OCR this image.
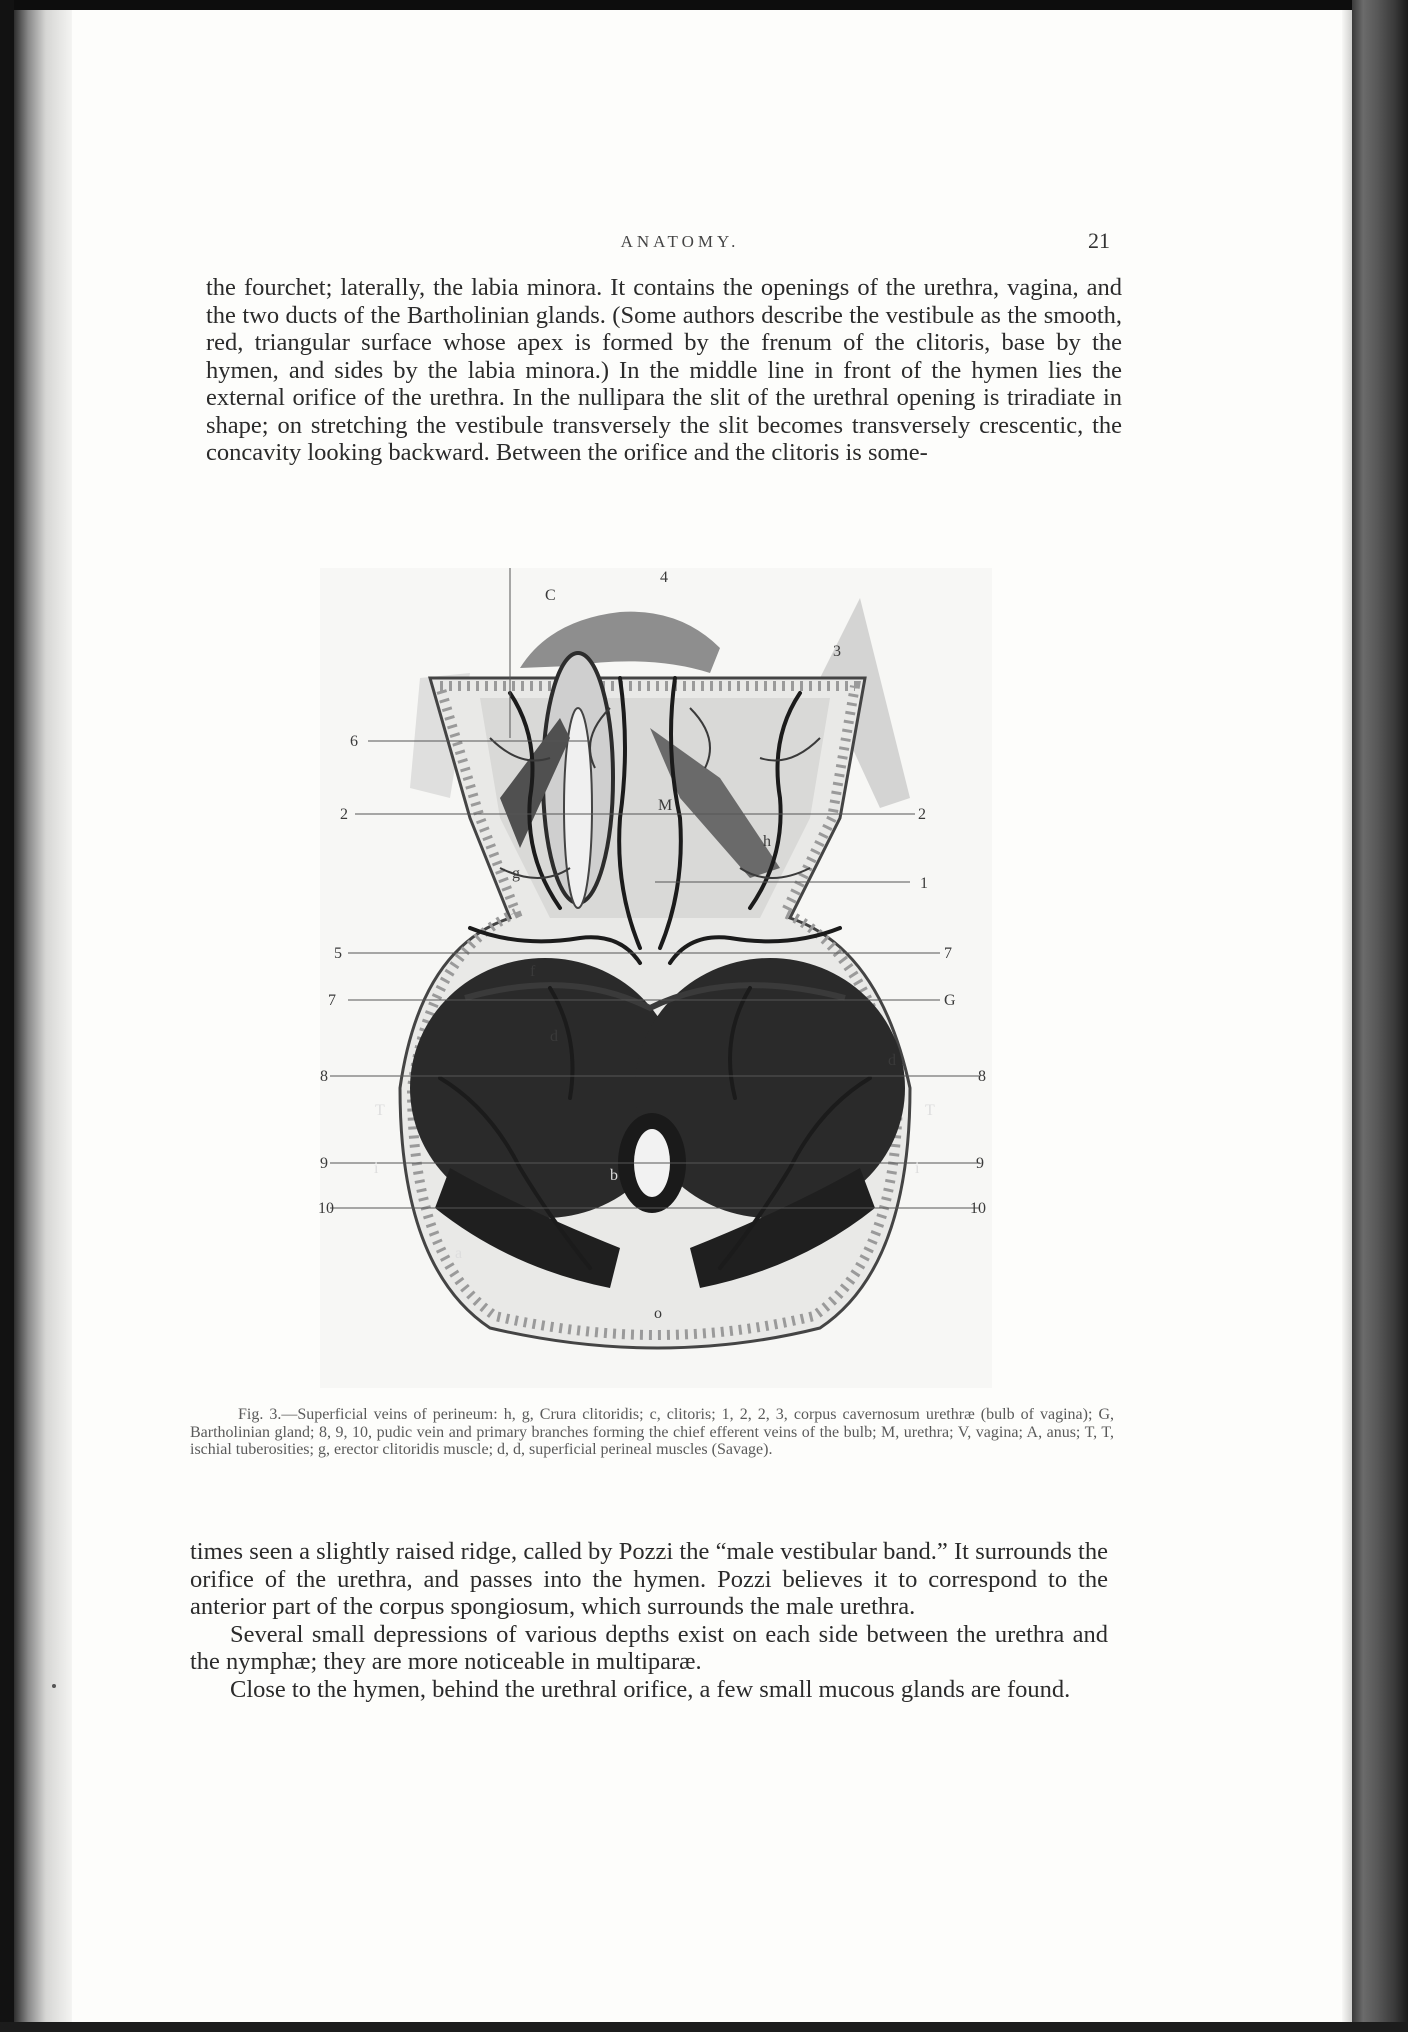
ANATOMY.	21

the fourchet; laterally, the labia minora. It contains the openings of the urethra, vagina, and the two ducts of the Bartholinian glands. (Some authors describe the vestibule as the smooth, red, triangular surface whose apex is formed by the frenum of the clitoris, base by the hymen, and sides by the labia minora.) In the middle line in front of the hymen lies the external orifice of the urethra. In the nullipara the slit of the urethral opening is triradiate in shape; on stretching the vestibule transversely the slit becomes transversely crescentic, the concavity looking backward. Between the orifice and the clitoris is some-

C
4
3
6
2	2
M
h
1
g
5	7
7	G
f
d
d
8	8
T	T
9	9
10	10
b
a
o
i	i

Fig. 3.—Superficial veins of perineum: h, g, Crura clitoridis; c, clitoris; 1, 2, 2, 3, corpus cavernosum urethræ (bulb of vagina); G, Bartholinian gland; 8, 9, 10, pudic vein and primary branches forming the chief efferent veins of the bulb; M, urethra; V, vagina; A, anus; T, T, ischial tuberosities; g, erector clitoridis muscle; d, d, superficial perineal muscles (Savage).

times seen a slightly raised ridge, called by Pozzi the “male vestibular band.” It surrounds the orifice of the urethra, and passes into the hymen. Pozzi believes it to correspond to the anterior part of the corpus spongiosum, which surrounds the male urethra.

Several small depressions of various depths exist on each side between the urethra and the nymphæ; they are more noticeable in multiparæ.

Close to the hymen, behind the urethral orifice, a few small mucous glands are found.
